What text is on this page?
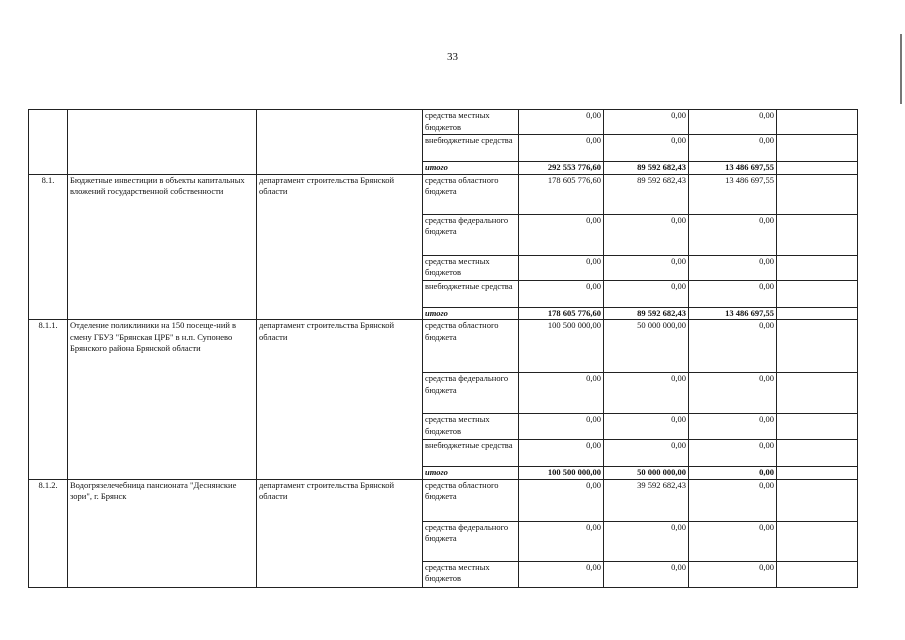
33
			средства местных бюджетов	0,00	0,00	0,00	
			внебюджетные средства	0,00	0,00	0,00	
			итого	292 553 776,60	89 592 682,43	13 486 697,55	
8.1.	Бюджетные инвестиции в объекты капитальных вложений государственной собственности	департамент строительства Брянской области	средства областного бюджета	178 605 776,60	89 592 682,43	13 486 697,55	
			средства федерального бюджета	0,00	0,00	0,00	
			средства местных бюджетов	0,00	0,00	0,00	
			внебюджетные средства	0,00	0,00	0,00	
			итого	178 605 776,60	89 592 682,43	13 486 697,55	
8.1.1.	Отделение поликлиники на 150 посеще-ний в смену ГБУЗ "Брянская ЦРБ" в н.п. Супонево Брянского района Брянской области	департамент строительства Брянской области	средства областного бюджета	100 500 000,00	50 000 000,00	0,00	
			средства федерального бюджета	0,00	0,00	0,00	
			средства местных бюджетов	0,00	0,00	0,00	
			внебюджетные средства	0,00	0,00	0,00	
			итого	100 500 000,00	50 000 000,00	0,00	
8.1.2.	Водогрязелечебница пансионата "Деснянские зори", г. Брянск	департамент строительства Брянской области	средства областного бюджета	0,00	39 592 682,43	0,00	
			средства федерального бюджета	0,00	0,00	0,00	
			средства местных бюджетов	0,00	0,00	0,00	
